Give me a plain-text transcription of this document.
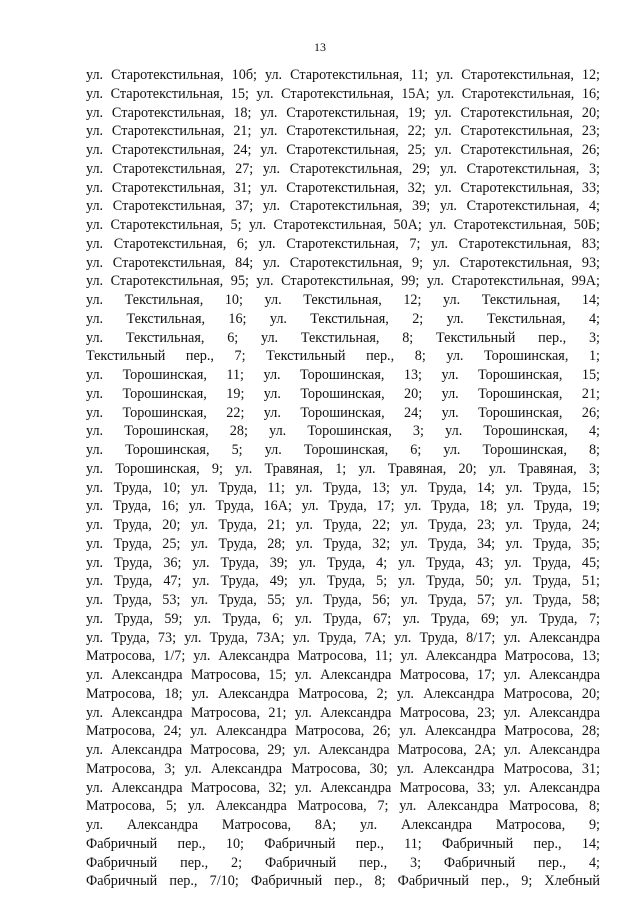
13
ул. Старотекстильная, 10б; ул. Старотекстильная, 11; ул. Старотекстильная, 12;
ул. Старотекстильная, 15; ул. Старотекстильная, 15А; ул. Старотекстильная, 16;
ул. Старотекстильная, 18; ул. Старотекстильная, 19; ул. Старотекстильная, 20;
ул. Старотекстильная, 21; ул. Старотекстильная, 22; ул. Старотекстильная, 23;
ул. Старотекстильная, 24; ул. Старотекстильная, 25; ул. Старотекстильная, 26;
ул. Старотекстильная, 27; ул. Старотекстильная, 29; ул. Старотекстильная, 3;
ул. Старотекстильная, 31; ул. Старотекстильная, 32; ул. Старотекстильная, 33;
ул. Старотекстильная, 37; ул. Старотекстильная, 39; ул. Старотекстильная, 4;
ул. Старотекстильная, 5; ул. Старотекстильная, 50А; ул. Старотекстильная, 50Б;
ул. Старотекстильная, 6; ул. Старотекстильная, 7; ул. Старотекстильная, 83;
ул. Старотекстильная, 84; ул. Старотекстильная, 9; ул. Старотекстильная, 93;
ул. Старотекстильная, 95; ул. Старотекстильная, 99; ул. Старотекстильная, 99А;
ул. Текстильная, 10; ул. Текстильная, 12; ул. Текстильная, 14;
ул. Текстильная, 16; ул. Текстильная, 2; ул. Текстильная, 4;
ул. Текстильная, 6; ул. Текстильная, 8; Текстильный пер., 3;
Текстильный пер., 7; Текстильный пер., 8; ул. Торошинская, 1;
ул. Торошинская, 11; ул. Торошинская, 13; ул. Торошинская, 15;
ул. Торошинская, 19; ул. Торошинская, 20; ул. Торошинская, 21;
ул. Торошинская, 22; ул. Торошинская, 24; ул. Торошинская, 26;
ул. Торошинская, 28; ул. Торошинская, 3; ул. Торошинская, 4;
ул. Торошинская, 5; ул. Торошинская, 6; ул. Торошинская, 8;
ул. Торошинская, 9; ул. Травяная, 1; ул. Травяная, 20; ул. Травяная, 3;
ул. Труда, 10; ул. Труда, 11; ул. Труда, 13; ул. Труда, 14; ул. Труда, 15;
ул. Труда, 16; ул. Труда, 16А; ул. Труда, 17; ул. Труда, 18; ул. Труда, 19;
ул. Труда, 20; ул. Труда, 21; ул. Труда, 22; ул. Труда, 23; ул. Труда, 24;
ул. Труда, 25; ул. Труда, 28; ул. Труда, 32; ул. Труда, 34; ул. Труда, 35;
ул. Труда, 36; ул. Труда, 39; ул. Труда, 4; ул. Труда, 43; ул. Труда, 45;
ул. Труда, 47; ул. Труда, 49; ул. Труда, 5; ул. Труда, 50; ул. Труда, 51;
ул. Труда, 53; ул. Труда, 55; ул. Труда, 56; ул. Труда, 57; ул. Труда, 58;
ул. Труда, 59; ул. Труда, 6; ул. Труда, 67; ул. Труда, 69; ул. Труда, 7;
ул. Труда, 73; ул. Труда, 73А; ул. Труда, 7А; ул. Труда, 8/17; ул. Александра
Матросова, 1/7; ул. Александра Матросова, 11; ул. Александра Матросова, 13;
ул. Александра Матросова, 15; ул. Александра Матросова, 17; ул. Александра
Матросова, 18; ул. Александра Матросова, 2; ул. Александра Матросова, 20;
ул. Александра Матросова, 21; ул. Александра Матросова, 23; ул. Александра
Матросова, 24; ул. Александра Матросова, 26; ул. Александра Матросова, 28;
ул. Александра Матросова, 29; ул. Александра Матросова, 2А; ул. Александра
Матросова, 3; ул. Александра Матросова, 30; ул. Александра Матросова, 31;
ул. Александра Матросова, 32; ул. Александра Матросова, 33; ул. Александра
Матросова, 5; ул. Александра Матросова, 7; ул. Александра Матросова, 8;
ул. Александра Матросова, 8А; ул. Александра Матросова, 9;
Фабричный пер., 10; Фабричный пер., 11; Фабричный пер., 14;
Фабричный пер., 2; Фабричный пер., 3; Фабричный пер., 4;
Фабричный пер., 7/10; Фабричный пер., 8; Фабричный пер., 9; Хлебный
